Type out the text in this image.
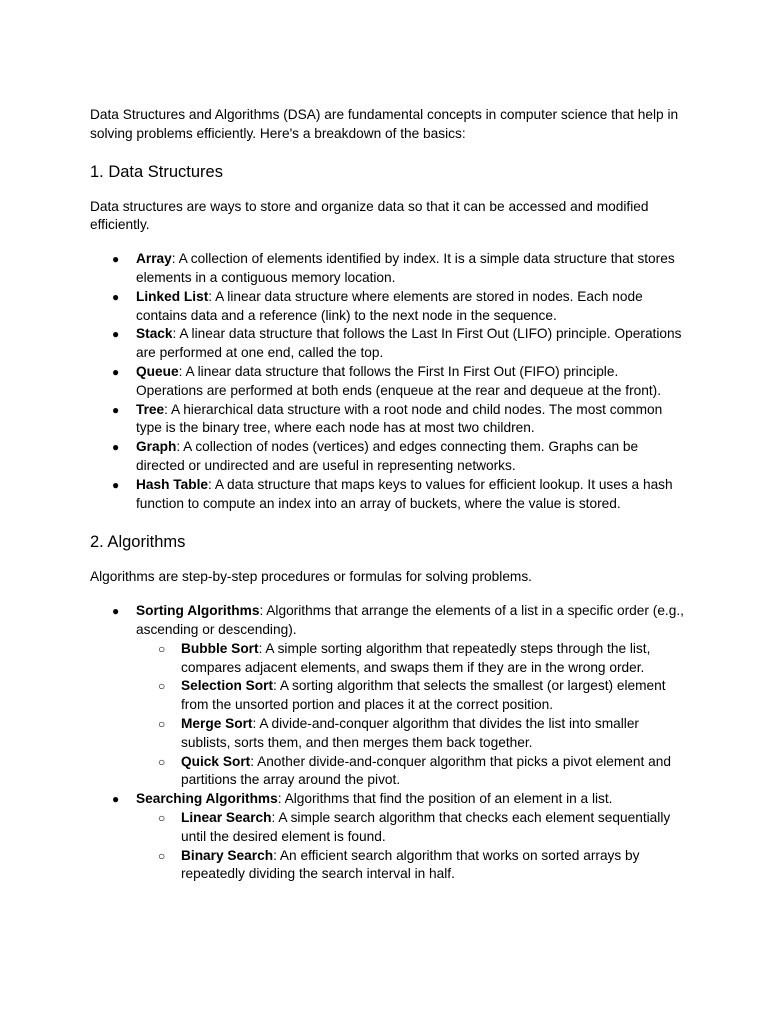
Data Structures and Algorithms (DSA) are fundamental concepts in computer science that help in solving problems efficiently. Here's a breakdown of the basics:

1. Data Structures

Data structures are ways to store and organize data so that it can be accessed and modified efficiently.

● Array: A collection of elements identified by index. It is a simple data structure that stores elements in a contiguous memory location.
● Linked List: A linear data structure where elements are stored in nodes. Each node contains data and a reference (link) to the next node in the sequence.
● Stack: A linear data structure that follows the Last In First Out (LIFO) principle. Operations are performed at one end, called the top.
● Queue: A linear data structure that follows the First In First Out (FIFO) principle. Operations are performed at both ends (enqueue at the rear and dequeue at the front).
● Tree: A hierarchical data structure with a root node and child nodes. The most common type is the binary tree, where each node has at most two children.
● Graph: A collection of nodes (vertices) and edges connecting them. Graphs can be directed or undirected and are useful in representing networks.
● Hash Table: A data structure that maps keys to values for efficient lookup. It uses a hash function to compute an index into an array of buckets, where the value is stored.
2. Algorithms

Algorithms are step-by-step procedures or formulas for solving problems.

● Sorting Algorithms: Algorithms that arrange the elements of a list in a specific order (e.g., ascending or descending).
○ Bubble Sort: A simple sorting algorithm that repeatedly steps through the list, compares adjacent elements, and swaps them if they are in the wrong order.
○ Selection Sort: A sorting algorithm that selects the smallest (or largest) element from the unsorted portion and places it at the correct position.
○ Merge Sort: A divide-and-conquer algorithm that divides the list into smaller sublists, sorts them, and then merges them back together.
○ Quick Sort: Another divide-and-conquer algorithm that picks a pivot element and partitions the array around the pivot.
● Searching Algorithms: Algorithms that find the position of an element in a list.
○ Linear Search: A simple search algorithm that checks each element sequentially until the desired element is found.
○ Binary Search: An efficient search algorithm that works on sorted arrays by repeatedly dividing the search interval in half.
